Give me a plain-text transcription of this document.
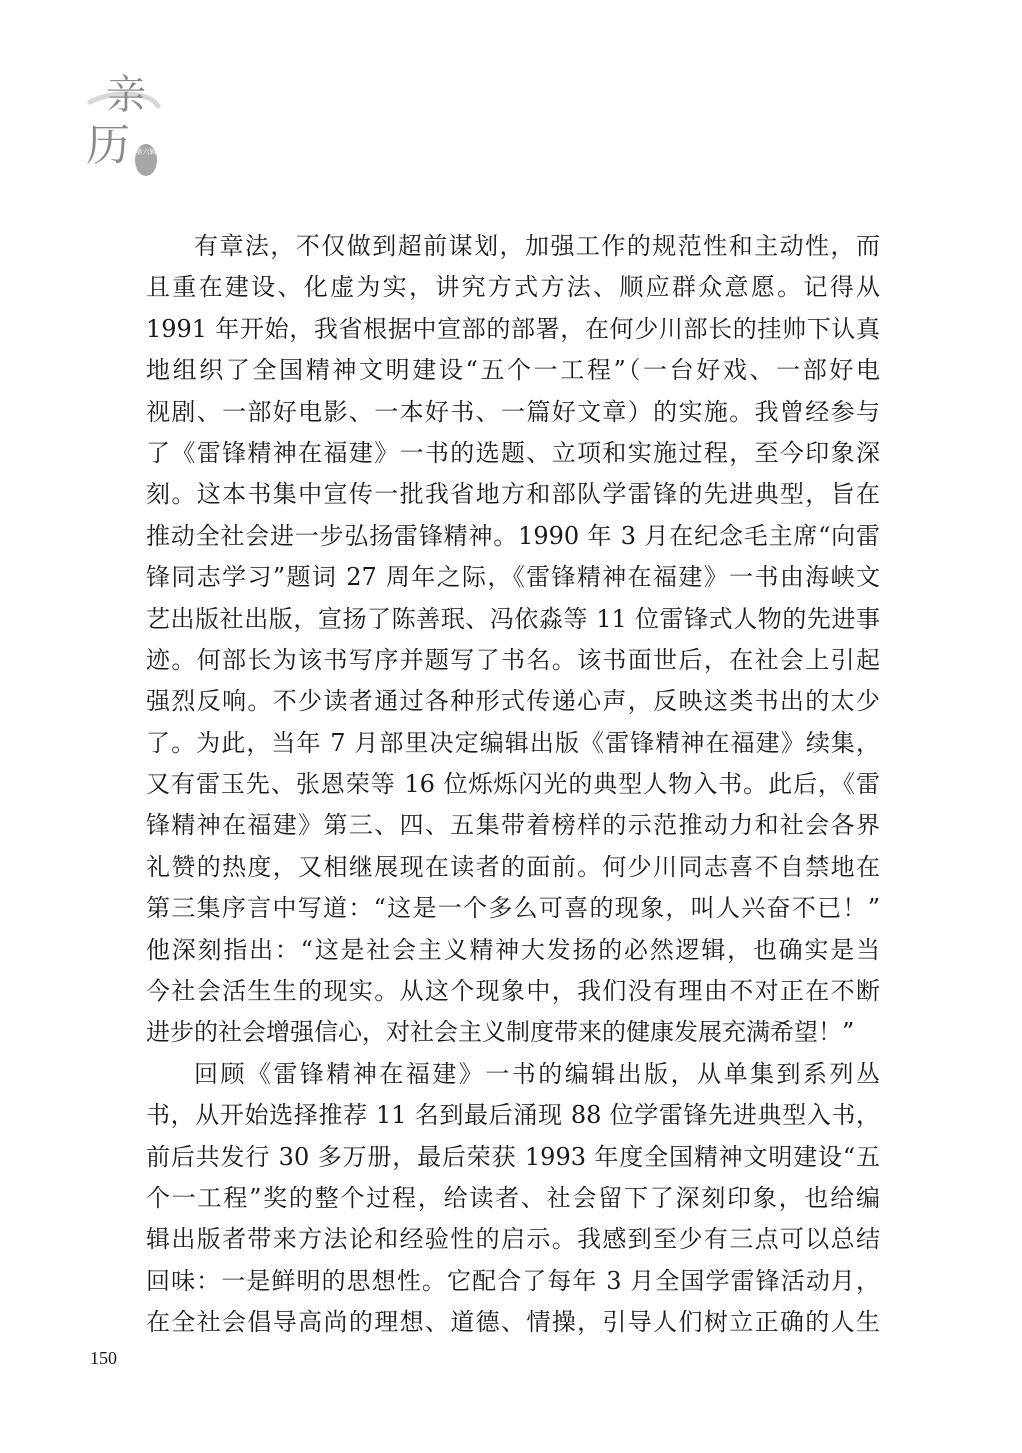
亲
历 第六辑
有章法，不仅做到超前谋划，加强工作的规范性和主动性，而
且重在建设、化虚为实，讲究方式方法、顺应群众意愿。记得从
1991 年开始，我省根据中宣部的部署，在何少川部长的挂帅下认真
地组织了全国精神文明建设“五个一工程”（一台好戏、一部好电
视剧、一部好电影、一本好书、一篇好文章）的实施。我曾经参与
了《雷锋精神在福建》一书的选题、立项和实施过程，至今印象深
刻。这本书集中宣传一批我省地方和部队学雷锋的先进典型，旨在
推动全社会进一步弘扬雷锋精神。1990 年 3 月在纪念毛主席“向雷
锋同志学习”题词 27 周年之际，《雷锋精神在福建》一书由海峡文
艺出版社出版，宣扬了陈善珉、冯依淼等 11 位雷锋式人物的先进事
迹。何部长为该书写序并题写了书名。该书面世后，在社会上引起
强烈反响。不少读者通过各种形式传递心声，反映这类书出的太少
了。为此，当年 7 月部里决定编辑出版《雷锋精神在福建》续集，
又有雷玉先、张恩荣等 16 位烁烁闪光的典型人物入书。此后，《雷
锋精神在福建》第三、四、五集带着榜样的示范推动力和社会各界
礼赞的热度，又相继展现在读者的面前。何少川同志喜不自禁地在
第三集序言中写道：“这是一个多么可喜的现象，叫人兴奋不已！”
他深刻指出：“这是社会主义精神大发扬的必然逻辑，也确实是当
今社会活生生的现实。从这个现象中，我们没有理由不对正在不断
进步的社会增强信心，对社会主义制度带来的健康发展充满希望！”
回顾《雷锋精神在福建》一书的编辑出版，从单集到系列丛
书，从开始选择推荐 11 名到最后涌现 88 位学雷锋先进典型入书，
前后共发行 30 多万册，最后荣获 1993 年度全国精神文明建设“五
个一工程”奖的整个过程，给读者、社会留下了深刻印象，也给编
辑出版者带来方法论和经验性的启示。我感到至少有三点可以总结
回味：一是鲜明的思想性。它配合了每年 3 月全国学雷锋活动月，
在全社会倡导高尚的理想、道德、情操，引导人们树立正确的人生
150
